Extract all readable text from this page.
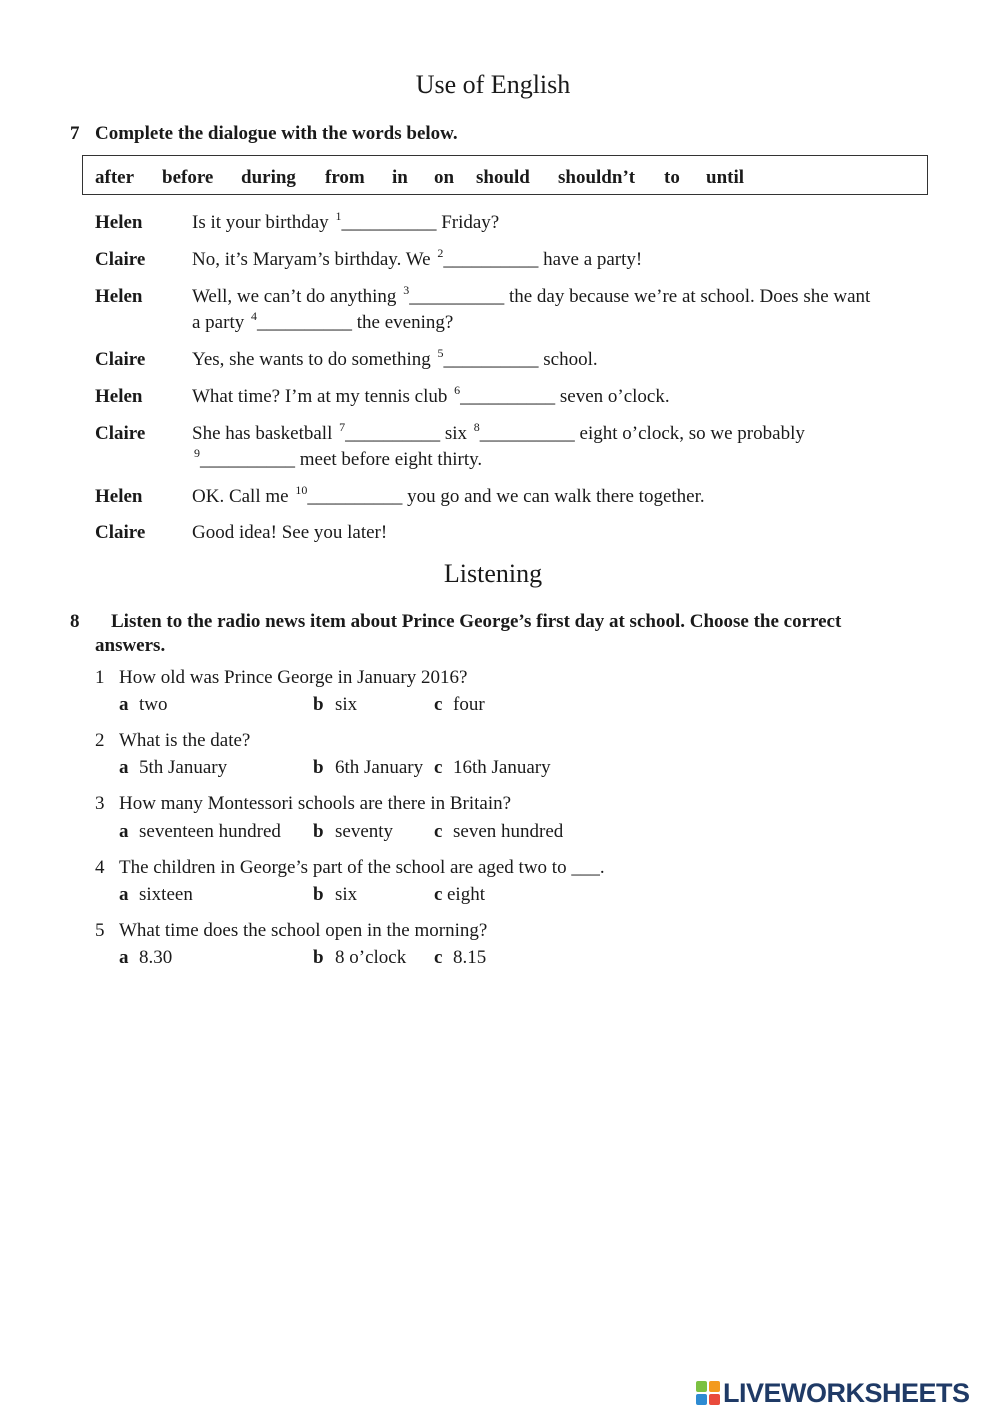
Use of English
7 Complete the dialogue with the words below.
after before during from in on should shouldn’t to until
Helen	Is it your birthday $^1$__________ Friday?
Claire No, it’s Maryam’s birthday. We $^2$__________ have a party!
Helen	Well, we can’t do anything $^3$__________ the day because we’re at school. Does she want
a party $^4$__________ the evening?
Claire Yes, she wants to do something $^5$__________ school.
Helen	What time? I’m at my tennis club $^6$__________ seven o’clock.
Claire She has basketball $^7$__________ six $^8$__________ eight o’clock, so we probably
$^9$__________ meet before eight thirty.
Helen	OK. Call me $^{10}$__________ you go and we can walk there together.
Claire Good idea! See you later!
Listening
8 Listen to the radio news item about Prince George’s first day at school. Choose the correct
answers.
1 How old was Prince George in January 2016?
a two	b six	c four
2 What is the date?
a 5th January	b 6th January c 16th January
3 How many Montessori schools are there in Britain?
a seventeen hundred b seventy c seven hundred
4 The children in George’s part of the school are aged two to ___.
a sixteen	b six	c eight
5 What time does the school open in the morning?
a 8.30	b 8 o’clock c 8.15
LIVEWORKSHEETS
